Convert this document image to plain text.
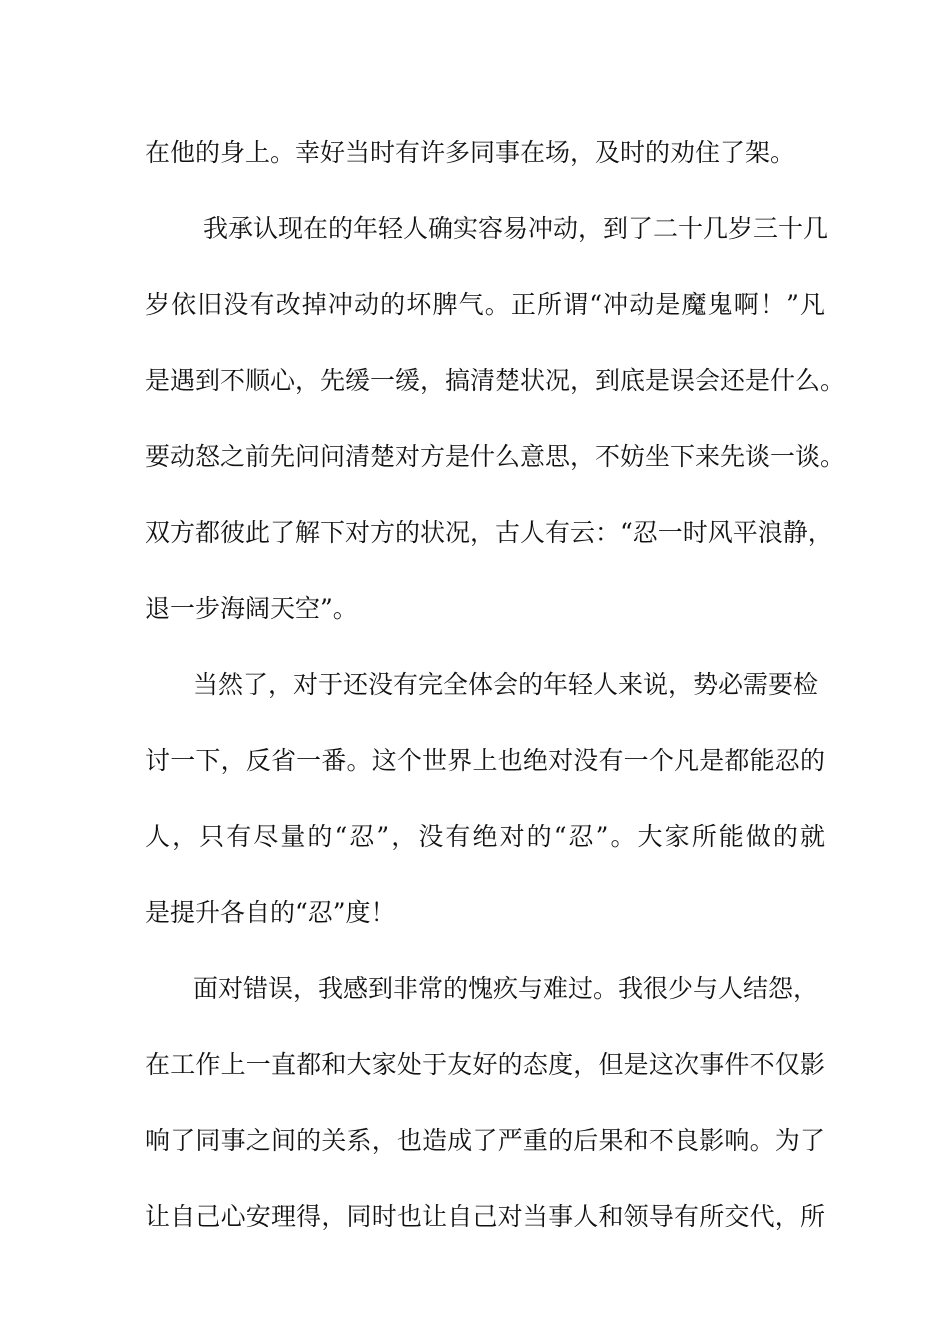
在他的身上。幸好当时有许多同事在场，及时的劝住了架。
我承认现在的年轻人确实容易冲动，到了二十几岁三十几
岁依旧没有改掉冲动的坏脾气。正所谓“冲动是魔鬼啊！”凡
是遇到不顺心，先缓一缓，搞清楚状况，到底是误会还是什么。
要动怒之前先问问清楚对方是什么意思，不妨坐下来先谈一谈。
双方都彼此了解下对方的状况，古人有云：“忍一时风平浪静，
退一步海阔天空”。
当然了，对于还没有完全体会的年轻人来说，势必需要检
讨一下，反省一番。这个世界上也绝对没有一个凡是都能忍的
人，只有尽量的“忍”，没有绝对的“忍”。大家所能做的就
是提升各自的“忍”度！
面对错误，我感到非常的愧疚与难过。我很少与人结怨，
在工作上一直都和大家处于友好的态度，但是这次事件不仅影
响了同事之间的关系，也造成了严重的后果和不良影响。为了
让自己心安理得，同时也让自己对当事人和领导有所交代，所
